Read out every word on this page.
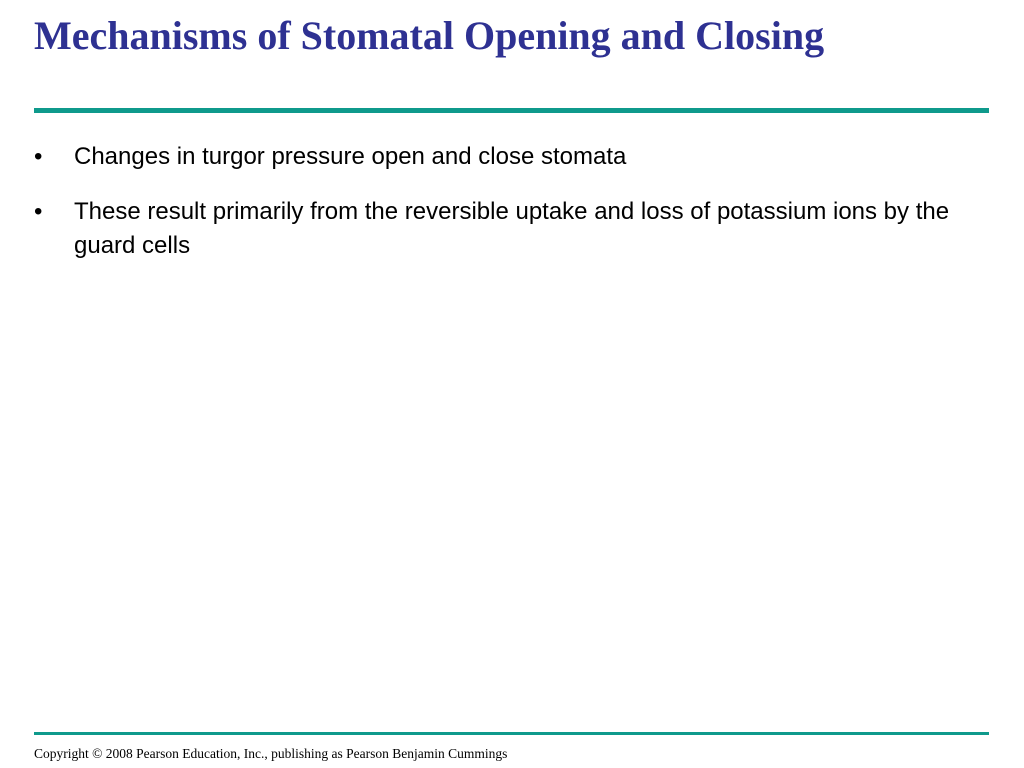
Mechanisms of Stomatal Opening and Closing
•	Changes in turgor pressure open and close stomata
•	These result primarily from the reversible uptake and loss of potassium ions by the guard cells
Copyright © 2008 Pearson Education, Inc., publishing as Pearson Benjamin Cummings
